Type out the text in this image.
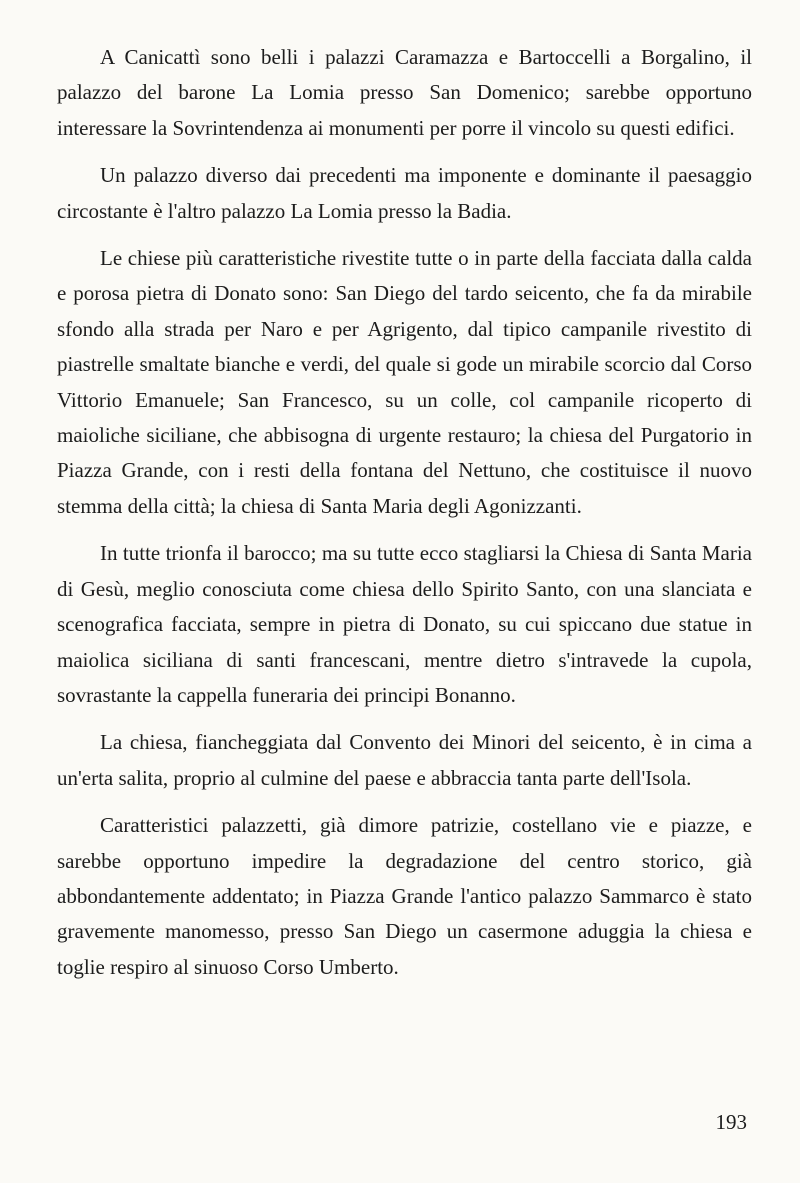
A Canicattì sono belli i palazzi Caramazza e Bartoccelli a Borgalino, il palazzo del barone La Lomia presso San Domenico; sarebbe opportuno interessare la Sovrintendenza ai monumenti per porre il vincolo su questi edifici.

Un palazzo diverso dai precedenti ma imponente e dominante il paesaggio circostante è l'altro palazzo La Lomia presso la Badia.

Le chiese più caratteristiche rivestite tutte o in parte della facciata dalla calda e porosa pietra di Donato sono: San Diego del tardo seicento, che fa da mirabile sfondo alla strada per Naro e per Agrigento, dal tipico campanile rivestito di piastrelle smaltate bianche e verdi, del quale si gode un mirabile scorcio dal Corso Vittorio Emanuele; San Francesco, su un colle, col campanile ricoperto di maioliche siciliane, che abbisogna di urgente restauro; la chiesa del Purgatorio in Piazza Grande, con i resti della fontana del Nettuno, che costituisce il nuovo stemma della città; la chiesa di Santa Maria degli Agonizzanti.

In tutte trionfa il barocco; ma su tutte ecco stagliarsi la Chiesa di Santa Maria di Gesù, meglio conosciuta come chiesa dello Spirito Santo, con una slanciata e scenografica facciata, sempre in pietra di Donato, su cui spiccano due statue in maiolica siciliana di santi francescani, mentre dietro s'intravede la cupola, sovrastante la cappella funeraria dei principi Bonanno.

La chiesa, fiancheggiata dal Convento dei Minori del seicento, è in cima a un'erta salita, proprio al culmine del paese e abbraccia tanta parte dell'Isola.

Caratteristici palazzetti, già dimore patrizie, costellano vie e piazze, e sarebbe opportuno impedire la degradazione del centro storico, già abbondantemente addentato; in Piazza Grande l'antico palazzo Sammarco è stato gravemente manomesso, presso San Diego un casermone aduggia la chiesa e toglie respiro al sinuoso Corso Umberto.

193
